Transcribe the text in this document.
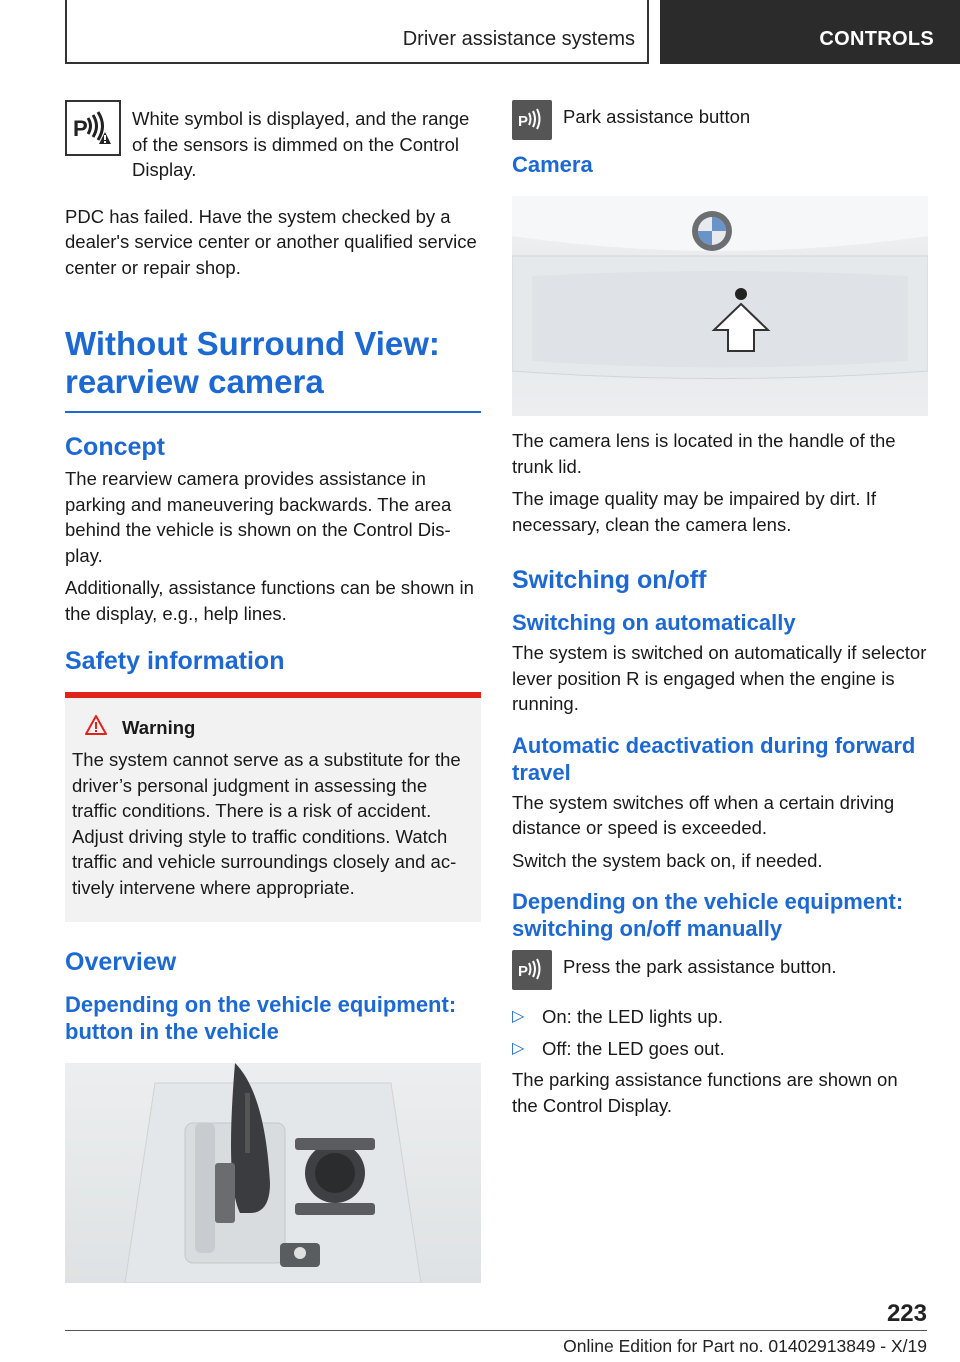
Driver assistance systems	CONTROLS
P White symbol is displayed, and the range of the sensors is dimmed on the Control Display.

PDC has failed. Have the system checked by a dealer's service center or another qualified service center or repair shop.

Without Surround View:
rearview camera
Concept

The rearview camera provides assistance in parking and maneuvering backwards. The area behind the vehicle is shown on the Control Display.

Additionally, assistance functions can be shown in the display, e.g., help lines.

Safety information
Warning

The system cannot serve as a substitute for the driver’s personal judgment in assessing the traffic conditions. There is a risk of accident. Adjust driving style to traffic conditions. Watch traffic and vehicle surroundings closely and actively intervene where appropriate.

Overview
Depending on the vehicle equipment: button in the vehicle
P Park assistance button

Camera

The camera lens is located in the handle of the trunk lid.

The image quality may be impaired by dirt. If necessary, clean the camera lens.

Switching on/off
Switching on automatically

The system is switched on automatically if selector lever position R is engaged when the engine is running.

Automatic deactivation during forward travel

The system switches off when a certain driving distance or speed is exceeded.

Switch the system back on, if needed.

Depending on the vehicle equipment: switching on/off manually
P Press the park assistance button.

▷ On: the LED lights up.
▷ Off: the LED goes out.

The parking assistance functions are shown on the Control Display.

223
Online Edition for Part no. 01402913849 - X/19
